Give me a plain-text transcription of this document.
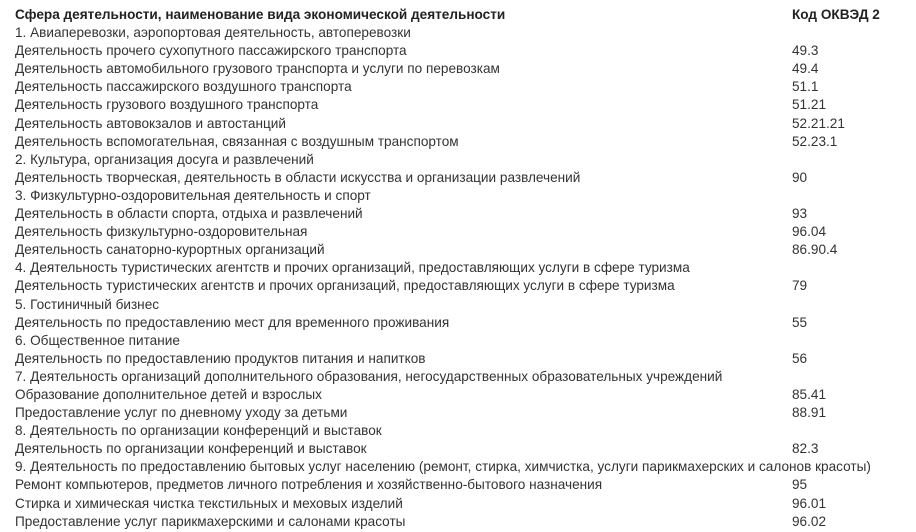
Сфера деятельности, наименование вида экономической деятельности	Код ОКВЭД 2
1. Авиаперевозки, аэропортовая деятельность, автоперевозки	
Деятельность прочего сухопутного пассажирского транспорта	49.3
Деятельность автомобильного грузового транспорта и услуги по перевозкам	49.4
Деятельность пассажирского воздушного транспорта	51.1
Деятельность грузового воздушного транспорта	51.21
Деятельность автовокзалов и автостанций	52.21.21
Деятельность вспомогательная, связанная с воздушным транспортом	52.23.1
2. Культура, организация досуга и развлечений	
Деятельность творческая, деятельность в области искусства и организации развлечений	90
3. Физкультурно-оздоровительная деятельность и спорт	
Деятельность в области спорта, отдыха и развлечений	93
Деятельность физкультурно-оздоровительная	96.04
Деятельность санаторно-курортных организаций	86.90.4
4. Деятельность туристических агентств и прочих организаций, предоставляющих услуги в сфере туризма	
Деятельность туристических агентств и прочих организаций, предоставляющих услуги в сфере туризма	79
5. Гостиничный бизнес	
Деятельность по предоставлению мест для временного проживания	55
6. Общественное питание	
Деятельность по предоставлению продуктов питания и напитков	56
7. Деятельность организаций дополнительного образования, негосударственных образовательных учреждений	
Образование дополнительное детей и взрослых	85.41
Предоставление услуг по дневному уходу за детьми	88.91
8. Деятельность по организации конференций и выставок	
Деятельность по организации конференций и выставок	82.3
9. Деятельность по предоставлению бытовых услуг населению (ремонт, стирка, химчистка, услуги парикмахерских и салонов красоты)	
Ремонт компьютеров, предметов личного потребления и хозяйственно-бытового назначения	95
Стирка и химическая чистка текстильных и меховых изделий	96.01
Предоставление услуг парикмахерскими и салонами красоты	96.02
